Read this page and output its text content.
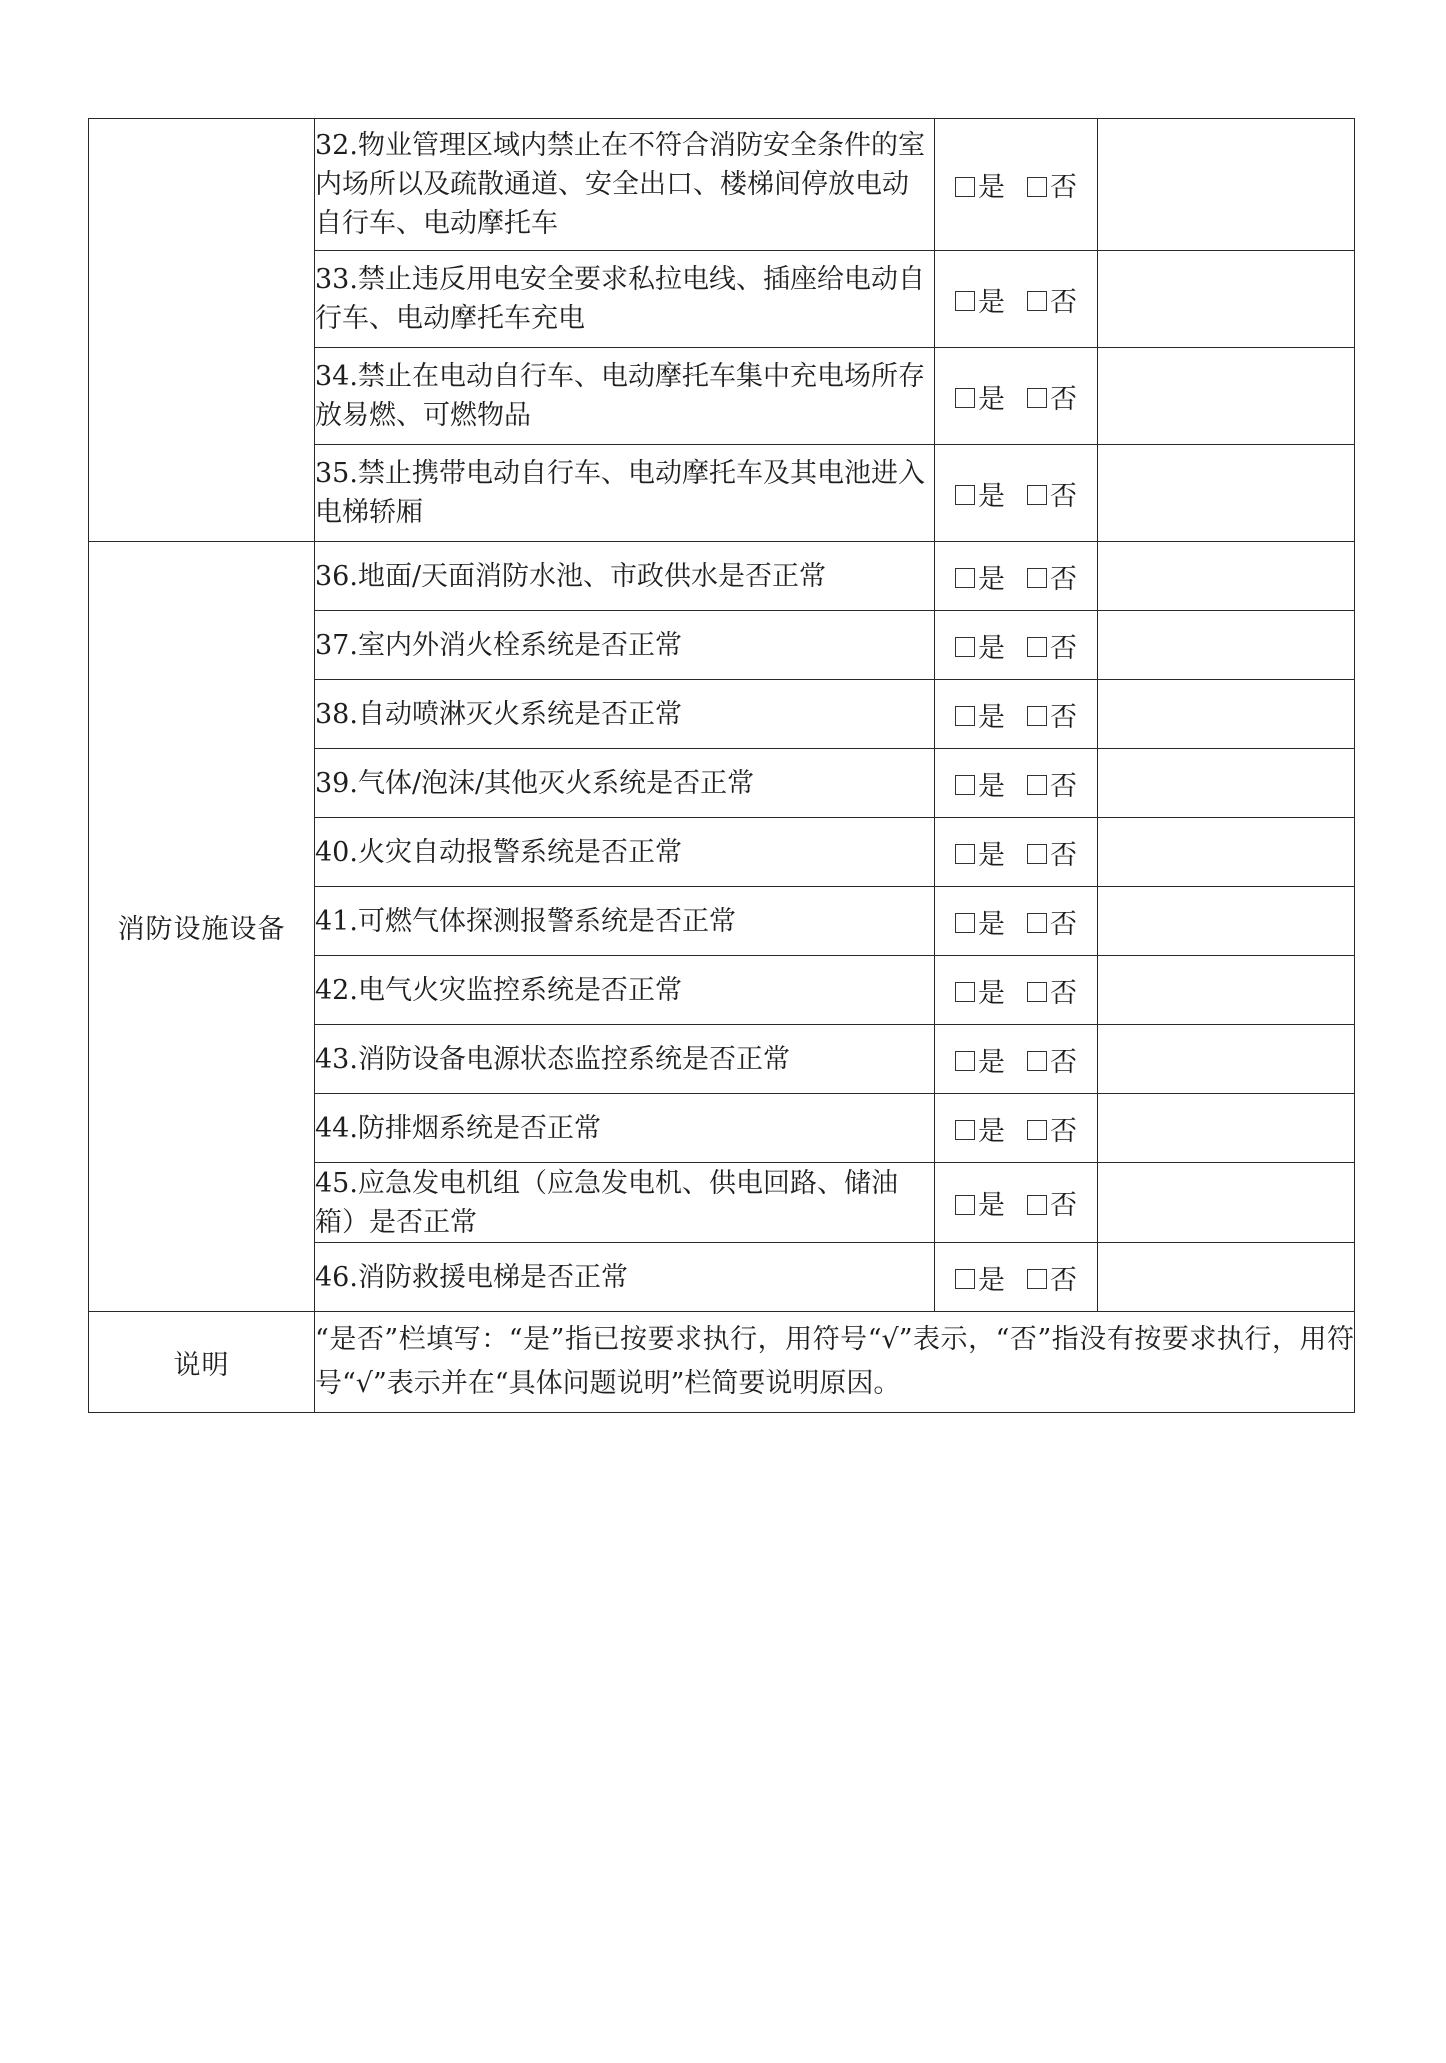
	32.物业管理区域内禁止在不符合消防安全条件的室内场所以及疏散通道、安全出口、楼梯间停放电动自行车、电动摩托车	是 否	
	33.禁止违反用电安全要求私拉电线、插座给电动自行车、电动摩托车充电	是 否	
	34.禁止在电动自行车、电动摩托车集中充电场所存放易燃、可燃物品	是 否	
	35.禁止携带电动自行车、电动摩托车及其电池进入电梯轿厢	是 否	
消防设施设备	36.地面/天面消防水池、市政供水是否正常	是 否	
	37.室内外消火栓系统是否正常	是 否	
	38.自动喷淋灭火系统是否正常	是 否	
	39.气体/泡沫/其他灭火系统是否正常	是 否	
	40.火灾自动报警系统是否正常	是 否	
	41.可燃气体探测报警系统是否正常	是 否	
	42.电气火灾监控系统是否正常	是 否	
	43.消防设备电源状态监控系统是否正常	是 否	
	44.防排烟系统是否正常	是 否	
	45.应急发电机组（应急发电机、供电回路、储油箱）是否正常	是 否	
	46.消防救援电梯是否正常	是 否	
说明	“是否”栏填写：“是”指已按要求执行，用符号“√”表示，“否”指没有按要求执行，用符号“√”表示并在“具体问题说明”栏简要说明原因。		
